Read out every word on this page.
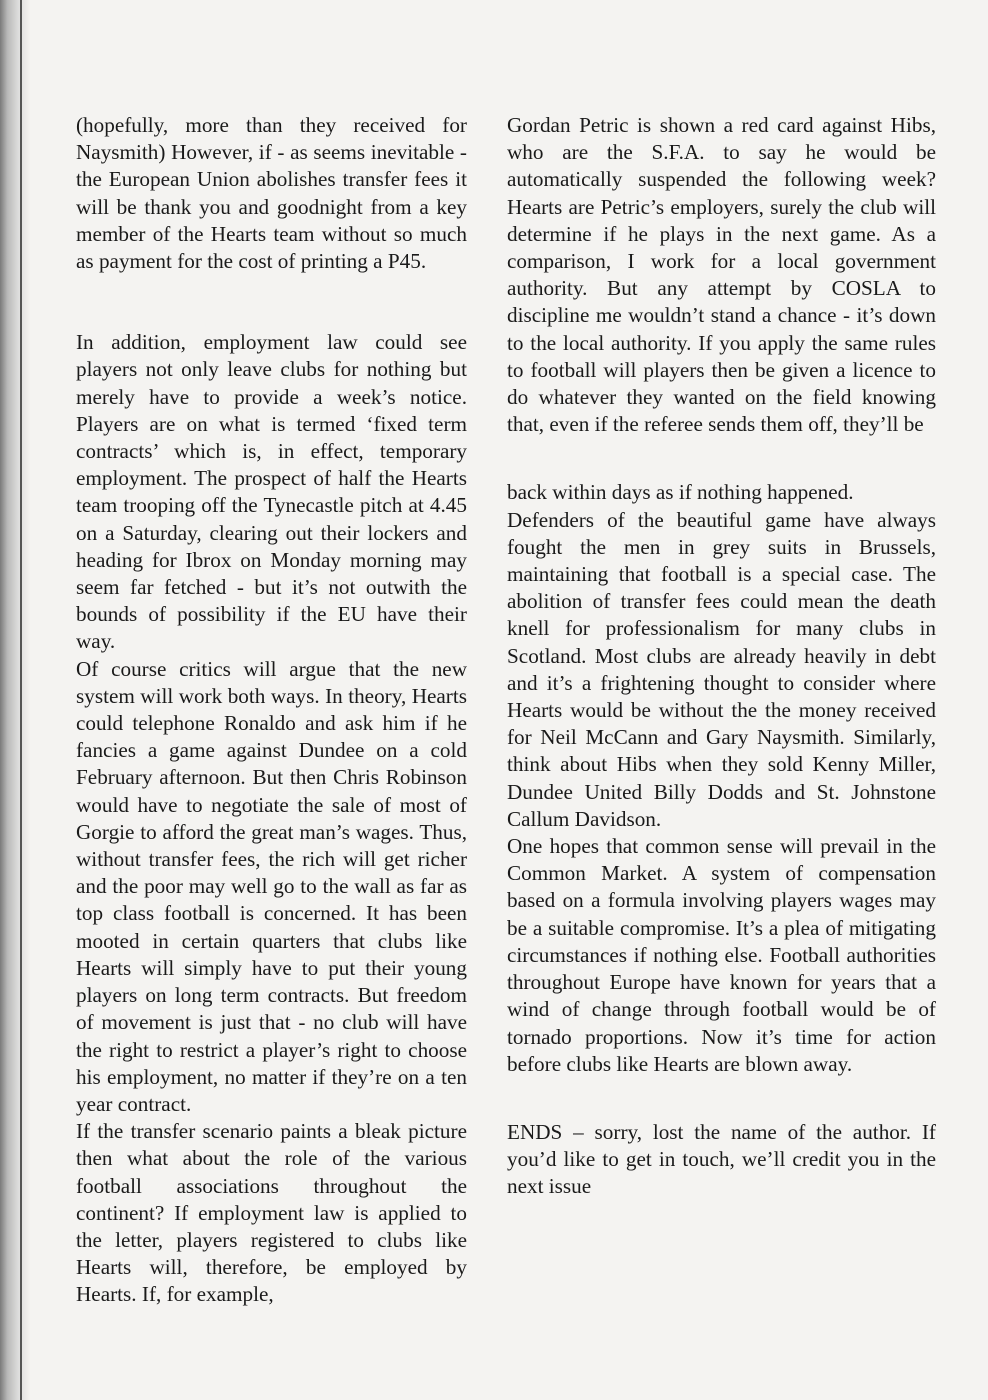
(hopefully, more than they received for Naysmith) However, if - as seems inevitable - the European Union abolishes transfer fees it will be thank you and goodnight from a key member of the Hearts team without so much as payment for the cost of printing a P45.

In addition, employment law could see players not only leave clubs for nothing but merely have to provide a week’s notice. Players are on what is termed ‘fixed term contracts’ which is, in effect, temporary employment. The prospect of half the Hearts team trooping off the Tynecastle pitch at 4.45 on a Saturday, clearing out their lockers and heading for Ibrox on Monday morning may seem far fetched - but it’s not outwith the bounds of possibility if the EU have their way.

Of course critics will argue that the new system will work both ways. In theory, Hearts could telephone Ronaldo and ask him if he fancies a game against Dundee on a cold February afternoon. But then Chris Robinson would have to negotiate the sale of most of Gorgie to afford the great man’s wages. Thus, without transfer fees, the rich will get richer and the poor may well go to the wall as far as top class football is concerned. It has been mooted in certain quarters that clubs like Hearts will simply have to put their young players on long term contracts. But freedom of movement is just that - no club will have the right to restrict a player’s right to choose his employment, no matter if they’re on a ten year contract.

If the transfer scenario paints a bleak picture then what about the role of the various football associations throughout the continent? If employment law is applied to the letter, players registered to clubs like Hearts will, therefore, be employed by Hearts. If, for example,

Gordan Petric is shown a red card against Hibs, who are the S.F.A. to say he would be automatically suspended the following week? Hearts are Petric’s employers, surely the club will determine if he plays in the next game. As a comparison, I work for a local government authority. But any attempt by COSLA to discipline me wouldn’t stand a chance - it’s down to the local authority. If you apply the same rules to football will players then be given a licence to do whatever they wanted on the field knowing that, even if the referee sends them off, they’ll be

back within days as if nothing happened.

Defenders of the beautiful game have always fought the men in grey suits in Brussels, maintaining that football is a special case. The abolition of transfer fees could mean the death knell for professionalism for many clubs in Scotland. Most clubs are already heavily in debt and it’s a frightening thought to consider where Hearts would be without the the money received for Neil McCann and Gary Naysmith. Similarly, think about Hibs when they sold Kenny Miller, Dundee United Billy Dodds and St. Johnstone Callum Davidson.

One hopes that common sense will prevail in the Common Market. A system of compensation based on a formula involving players wages may be a suitable compromise. It’s a plea of mitigating circumstances if nothing else. Football authorities throughout Europe have known for years that a wind of change through football would be of tornado proportions. Now it’s time for action before clubs like Hearts are blown away.

ENDS – sorry, lost the name of the author. If you’d like to get in touch, we’ll credit you in the next issue
